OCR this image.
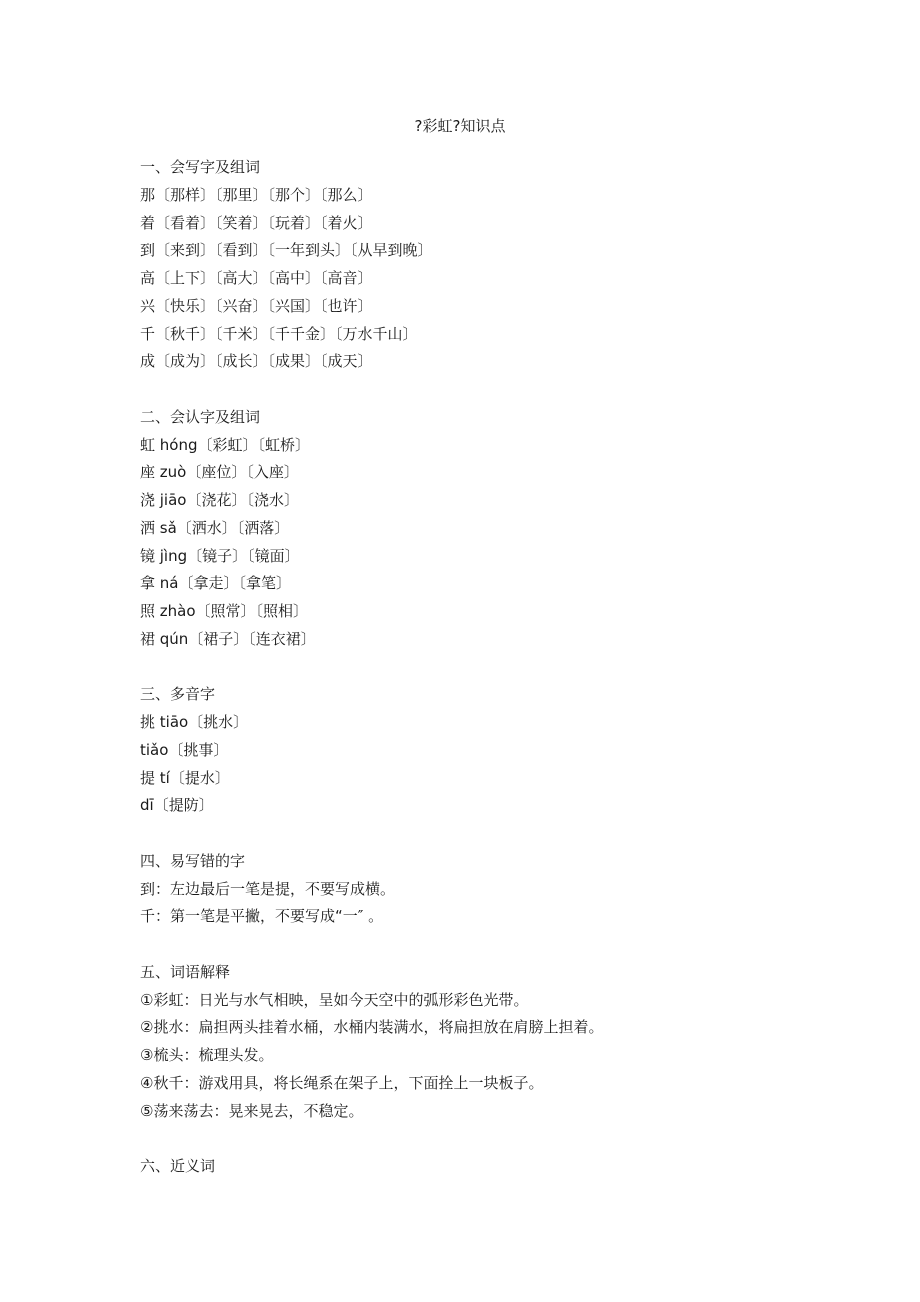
?彩虹?知识点
一、会写字及组词
那〔那样〕〔那里〕〔那个〕〔那么〕
着〔看着〕〔笑着〕〔玩着〕〔着火〕
到〔来到〕〔看到〕〔一年到头〕〔从早到晚〕
高〔上下〕〔高大〕〔高中〕〔高音〕
兴〔快乐〕〔兴奋〕〔兴国〕〔也许〕
千〔秋千〕〔千米〕〔千千金〕〔万水千山〕
成〔成为〕〔成长〕〔成果〕〔成天〕
二、会认字及组词
虹 hóng〔彩虹〕〔虹桥〕
座 zuò〔座位〕〔入座〕
浇 jiāo〔浇花〕〔浇水〕
洒 sǎ〔洒水〕〔洒落〕
镜 jìng〔镜子〕〔镜面〕
拿 ná〔拿走〕〔拿笔〕
照 zhào〔照常〕〔照相〕
裙 qún〔裙子〕〔连衣裙〕
三、多音字
挑 tiāo〔挑水〕
tiǎo〔挑事〕
提 tí〔提水〕
dī〔提防〕
四、易写错的字
到：左边最后一笔是提，不要写成横。
千：第一笔是平撇，不要写成“一″ 。
五、词语解释
①彩虹：日光与水气相映，呈如今天空中的弧形彩色光带。
②挑水：扁担两头挂着水桶，水桶内装满水，将扁担放在肩膀上担着。
③梳头：梳理头发。
④秋千：游戏用具，将长绳系在架子上，下面拴上一块板子。
⑤荡来荡去：晃来晃去，不稳定。
六、近义词
